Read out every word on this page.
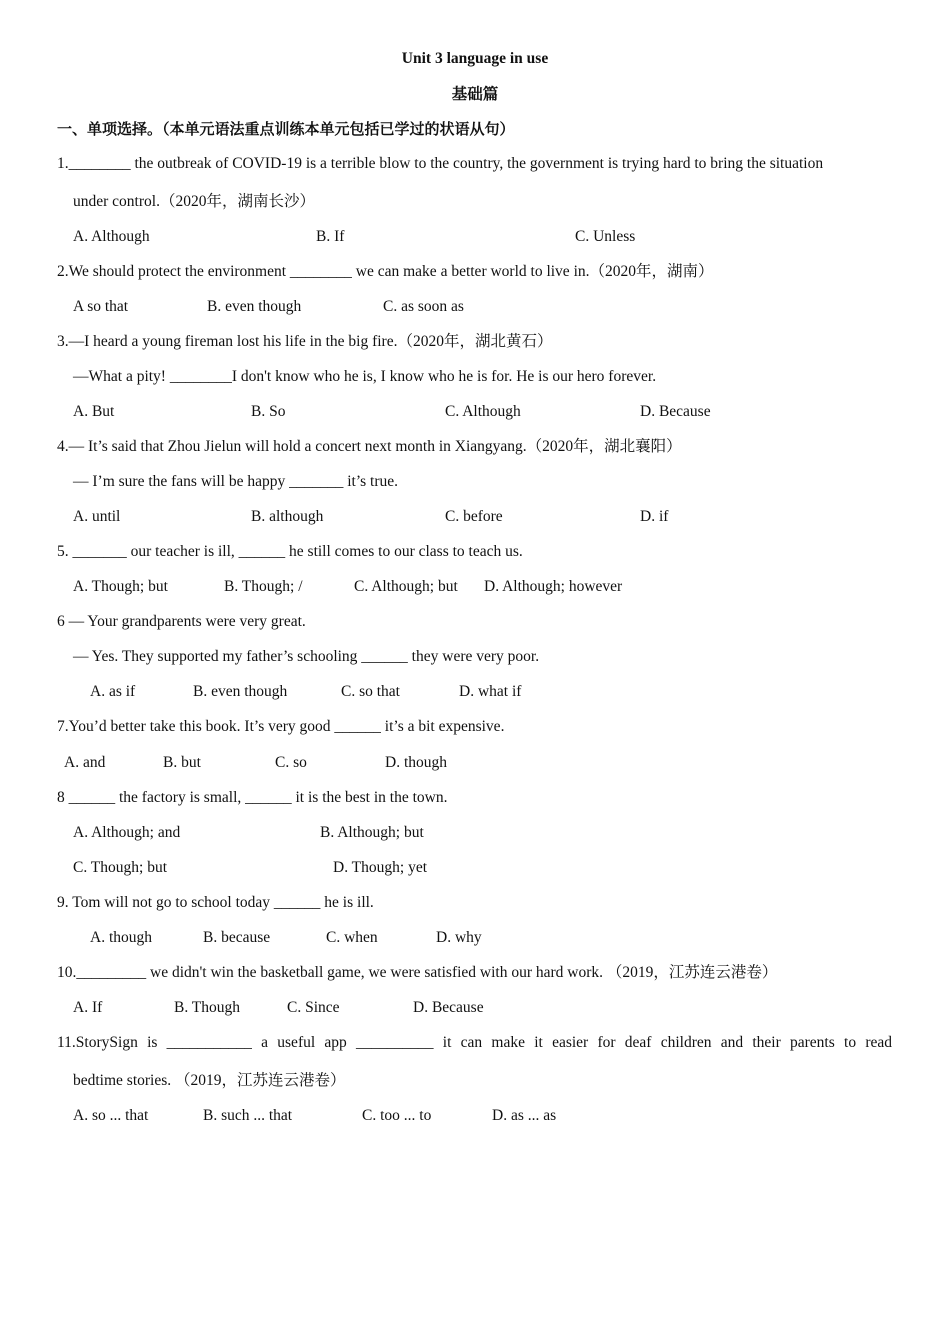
Unit 3 language in use
基础篇
一、单项选择。（本单元语法重点训练本单元包括已学过的状语从句）
1.________ the outbreak of COVID-19 is a terrible blow to the country, the government is trying hard to bring the situation
under control.（2020年，湖南长沙）
A. Although	B. If	C. Unless
2.We should protect the environment ________ we can make a better world to live in.（2020年，湖南）
A so that	B. even though	C. as soon as
3.—I heard a young fireman lost his life in the big fire.（2020年，湖北黄石）
—What a pity! ________I don't know who he is, I know who he is for. He is our hero forever.
A. But	B. So	C. Although	D. Because
4.— It’s said that Zhou Jielun will hold a concert next month in Xiangyang.（2020年，湖北襄阳）
— I’m sure the fans will be happy _______ it’s true.
A. until	B. although	C. before	D. if
5. _______ our teacher is ill, ______ he still comes to our class to teach us.
A. Though; but	B. Though; /	C. Although; but D. Although; however
6 — Your grandparents were very great.
— Yes. They supported my father’s schooling ______ they were very poor.
A. as if	B. even though	C. so that	D. what if
7.You’d better take this book. It’s very good ______ it’s a bit expensive.
A. and	B. but	C. so	D. though
8 ______ the factory is small, ______ it is the best in the town.
A. Although; and	B. Although; but
C. Though; but	D. Though; yet
9. Tom will not go to school today ______ he is ill.
A. though	B. because	C. when	D. why
10._________ we didn't win the basketball game, we were satisfied with our hard work. （2019，江苏连云港卷）
A. If	B. Though	C. Since	D. Because
11.StorySign is ___________ a useful app __________ it can make it easier for deaf children and their parents to read
bedtime stories. （2019，江苏连云港卷）
A. so ... that	B. such ... that	C. too ... to	D. as ... as
